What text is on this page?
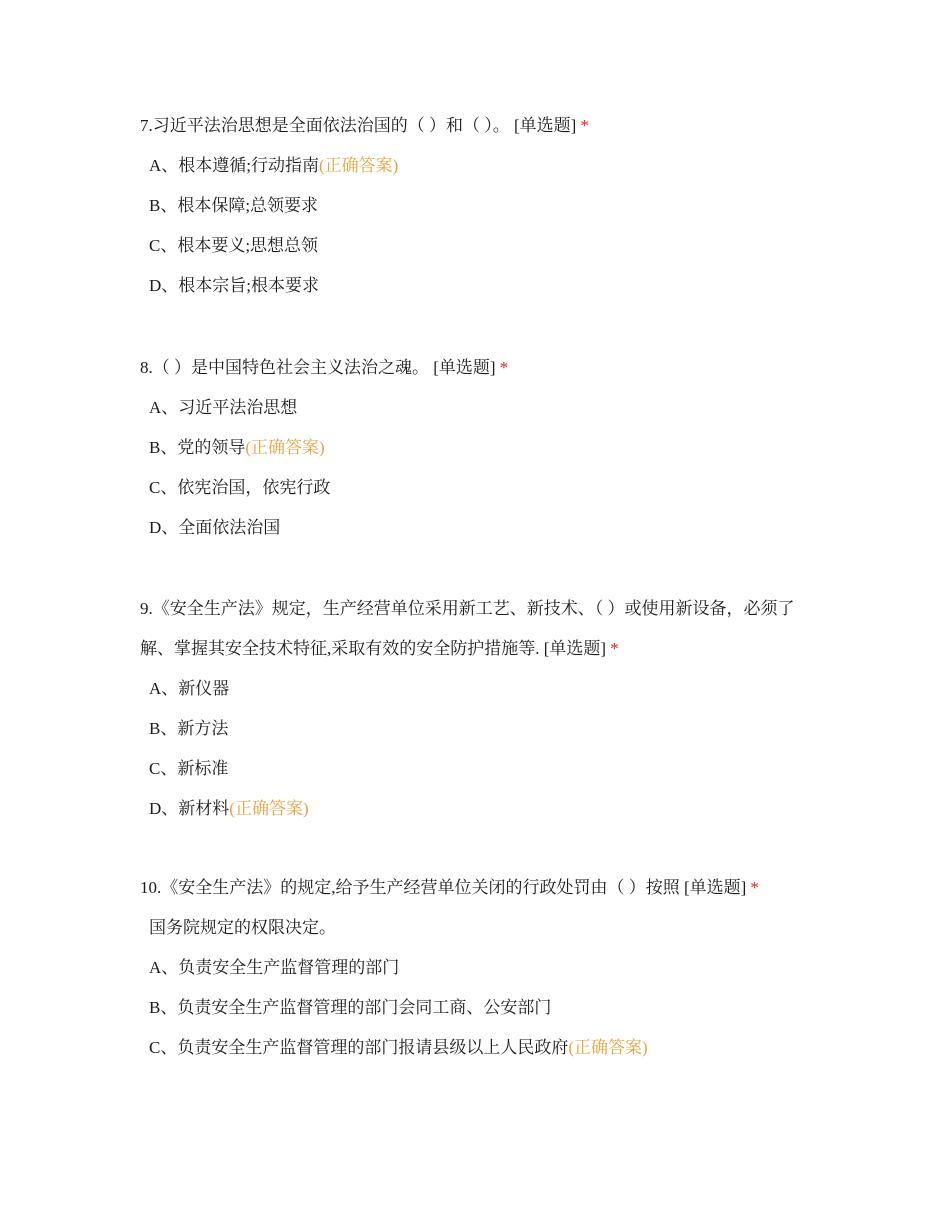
7.习近平法治思想是全面依法治国的（ ）和（ ）。 [单选题] *

A、根本遵循;行动指南(正确答案)
B、根本保障;总领要求
C、根本要义;思想总领
D、根本宗旨;根本要求

8.（ ）是中国特色社会主义法治之魂。 [单选题] *

A、习近平法治思想
B、党的领导(正确答案)
C、依宪治国，依宪行政
D、全面依法治国

9.《安全生产法》规定，生产经营单位采用新工艺、新技术、（ ）或使用新设备，必须了解、掌握其安全技术特征,采取有效的安全防护措施等. [单选题] *

A、新仪器
B、新方法
C、新标准
D、新材料(正确答案)

10.《安全生产法》的规定,给予生产经营单位关闭的行政处罚由（ ）按照 [单选题] *

国务院规定的权限决定。
A、负责安全生产监督管理的部门
B、负责安全生产监督管理的部门会同工商、公安部门
C、负责安全生产监督管理的部门报请县级以上人民政府(正确答案)
